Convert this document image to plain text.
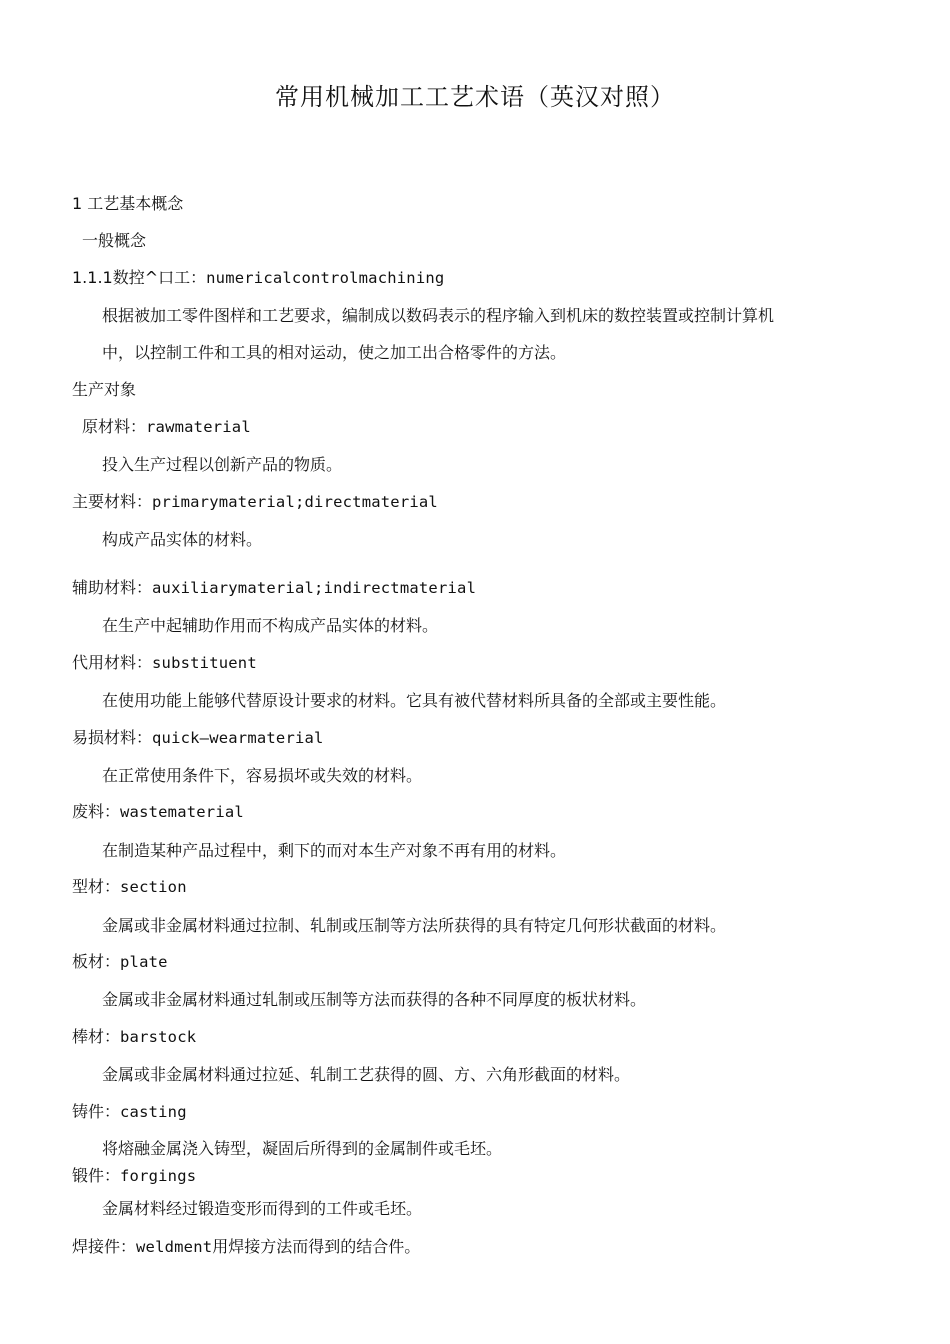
常用机械加工工艺术语（英汉对照）
1 工艺基本概念
一般概念
1.1.1数控^口工：numericalcontrolmachining
根据被加工零件图样和工艺要求，编制成以数码表示的程序输入到机床的数控装置或控制计算机
中，以控制工件和工具的相对运动，使之加工出合格零件的方法。
生产对象
原材料：rawmaterial
投入生产过程以创新产品的物质。
主要材料：primarymaterial;directmaterial
构成产品实体的材料。
辅助材料：auxiliarymaterial;indirectmaterial
在生产中起辅助作用而不构成产品实体的材料。
代用材料：substituent
在使用功能上能够代替原设计要求的材料。它具有被代替材料所具备的全部或主要性能。
易损材料：quick—wearmaterial
在正常使用条件下，容易损坏或失效的材料。
废料：wastematerial
在制造某种产品过程中，剩下的而对本生产对象不再有用的材料。
型材：section
金属或非金属材料通过拉制、轧制或压制等方法所获得的具有特定几何形状截面的材料。
板材：plate
金属或非金属材料通过轧制或压制等方法而获得的各种不同厚度的板状材料。
棒材：barstock
金属或非金属材料通过拉延、轧制工艺获得的圆、方、六角形截面的材料。
铸件：casting
将熔融金属浇入铸型，凝固后所得到的金属制件或毛坯。
锻件：forgings
金属材料经过锻造变形而得到的工件或毛坯。
焊接件：weldment用焊接方法而得到的结合件。
